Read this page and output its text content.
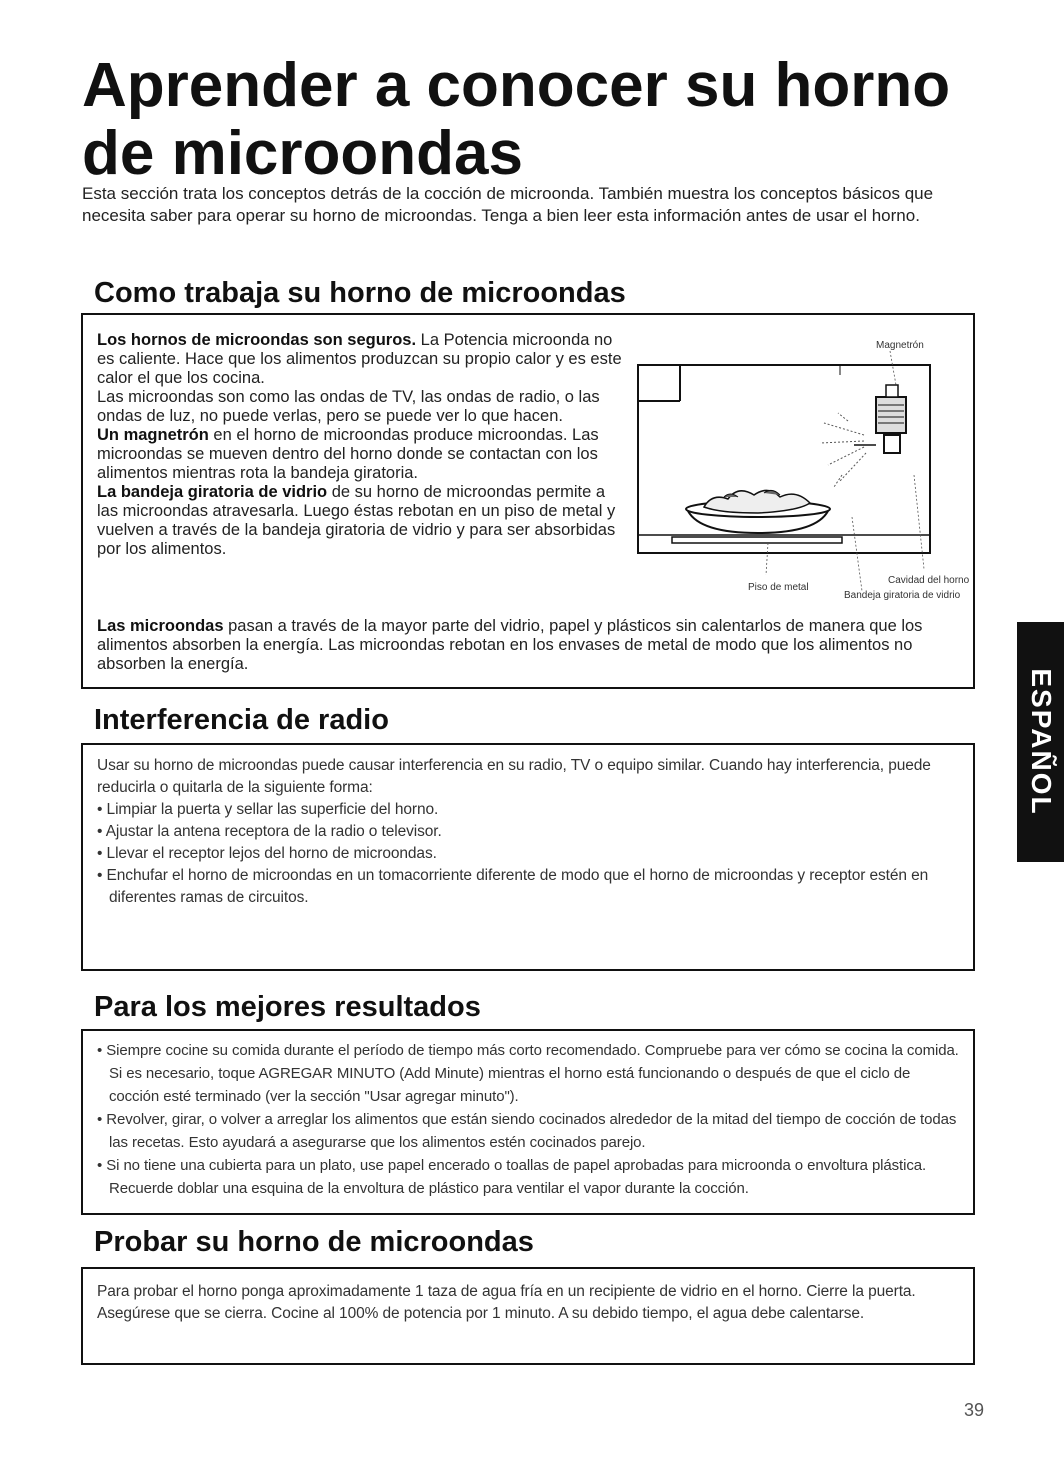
Aprender a conocer su horno
de microondas

Esta sección trata los conceptos detrás de la cocción de microonda. También muestra los conceptos básicos que necesita saber para operar su horno de microondas. Tenga a bien leer esta información antes de usar el horno.

Como trabaja su horno de microondas
Los hornos de microondas son seguros. La Potencia microonda no es caliente. Hace que los alimentos produzcan su propio calor y es este calor el que los cocina.
Las microondas son como las ondas de TV, las ondas de radio, o las ondas de luz, no puede verlas, pero se puede ver lo que hacen.
Un magnetrón en el horno de microondas produce microondas. Las microondas se mueven dentro del horno donde se contactan con los alimentos mientras rota la bandeja giratoria.
La bandeja giratoria de vidrio de su horno de microondas permite a las microondas atravesarla. Luego éstas rebotan en un piso de metal y vuelven a través de la bandeja giratoria de vidrio y para ser absorbidas por los alimentos.
Las microondas pasan a través de la mayor parte del vidrio, papel y plásticos sin calentarlos de manera que los alimentos absorben la energía. Las microondas rebotan en los envases de metal de modo que los alimentos no absorben la energía.
Magnetrón
Cavidad del horno
Piso de metal
Bandeja giratoria de vidrio
Interferencia de radio

Usar su horno de microondas puede causar interferencia en su radio, TV o equipo similar. Cuando hay interferencia, puede reducirla o quitarla de la siguiente forma:

• Limpiar la puerta y sellar las superficie del horno.
• Ajustar la antena receptora de la radio o televisor.
• Llevar el receptor lejos del horno de microondas.
• Enchufar el horno de microondas en un tomacorriente diferente de modo que el horno de microondas y receptor estén en diferentes ramas de circuitos.
Para los mejores resultados
• Siempre cocine su comida durante el período de tiempo más corto recomendado. Compruebe para ver cómo se cocina la comida. Si es necesario, toque AGREGAR MINUTO (Add Minute) mientras el horno está funcionando o después de que el ciclo de cocción esté terminado (ver la sección "Usar agregar minuto").
• Revolver, girar, o volver a arreglar los alimentos que están siendo cocinados alrededor de la mitad del tiempo de cocción de todas las recetas. Esto ayudará a asegurarse que los alimentos estén cocinados parejo.
• Si no tiene una cubierta para un plato, use papel encerado o toallas de papel aprobadas para microonda o envoltura plástica. Recuerde doblar una esquina de la envoltura de plástico para ventilar el vapor durante la cocción.
Probar su horno de microondas

Para probar el horno ponga aproximadamente 1 taza de agua fría en un recipiente de vidrio en el horno. Cierre la puerta. Asegúrese que se cierra. Cocine al 100% de potencia por 1 minuto. A su debido tiempo, el agua debe calentarse.

ESPAÑOL
39
